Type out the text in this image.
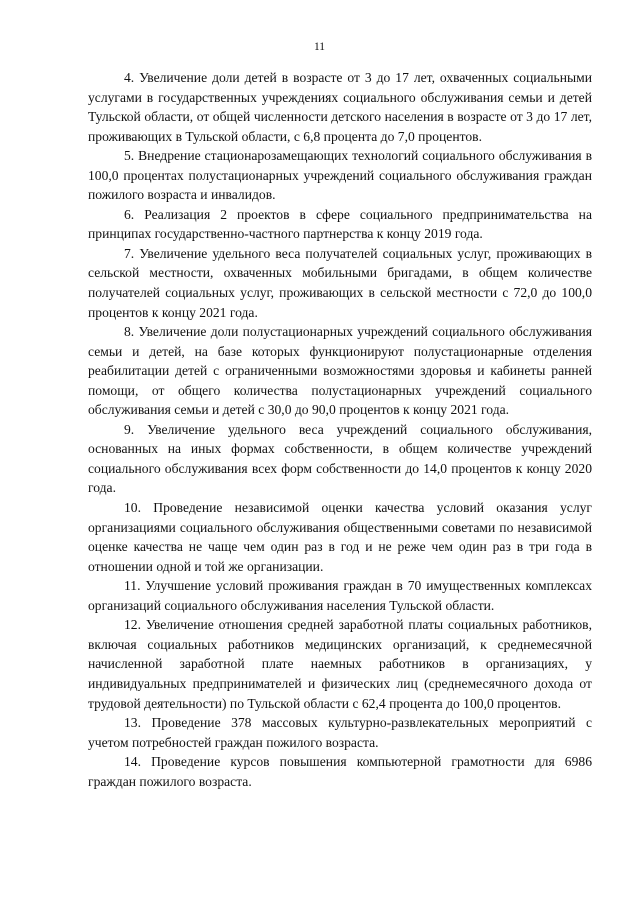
11

4. Увеличение доли детей в возрасте от 3 до 17 лет, охваченных социальными услугами в государственных учреждениях социального обслуживания семьи и детей Тульской области, от общей численности детского населения в возрасте от 3 до 17 лет, проживающих в Тульской области, с 6,8 процента до 7,0 процентов.

5. Внедрение стационарозамещающих технологий социального обслуживания в 100,0 процентах полустационарных учреждений социального обслуживания граждан пожилого возраста и инвалидов.

6. Реализация 2 проектов в сфере социального предпринимательства на принципах государственно-частного партнерства к концу 2019 года.

7. Увеличение удельного веса получателей социальных услуг, проживающих в сельской местности, охваченных мобильными бригадами, в общем количестве получателей социальных услуг, проживающих в сельской местности с 72,0 до 100,0 процентов к концу 2021 года.

8. Увеличение доли полустационарных учреждений социального обслуживания семьи и детей, на базе которых функционируют полустационарные отделения реабилитации детей с ограниченными возможностями здоровья и кабинеты ранней помощи, от общего количества полустационарных учреждений социального обслуживания семьи и детей с 30,0 до 90,0 процентов к концу 2021 года.

9. Увеличение удельного веса учреждений социального обслуживания, основанных на иных формах собственности, в общем количестве учреждений социального обслуживания всех форм собственности до 14,0 процентов к концу 2020 года.

10. Проведение независимой оценки качества условий оказания услуг организациями социального обслуживания общественными советами по независимой оценке качества не чаще чем один раз в год и не реже чем один раз в три года в отношении одной и той же организации.

11. Улучшение условий проживания граждан в 70 имущественных комплексах организаций социального обслуживания населения Тульской области.

12. Увеличение отношения средней заработной платы социальных работников, включая социальных работников медицинских организаций, к среднемесячной начисленной заработной плате наемных работников в организациях, у индивидуальных предпринимателей и физических лиц (среднемесячного дохода от трудовой деятельности) по Тульской области с 62,4 процента до 100,0 процентов.

13. Проведение 378 массовых культурно-развлекательных мероприятий с учетом потребностей граждан пожилого возраста.

14. Проведение курсов повышения компьютерной грамотности для 6986 граждан пожилого возраста.
